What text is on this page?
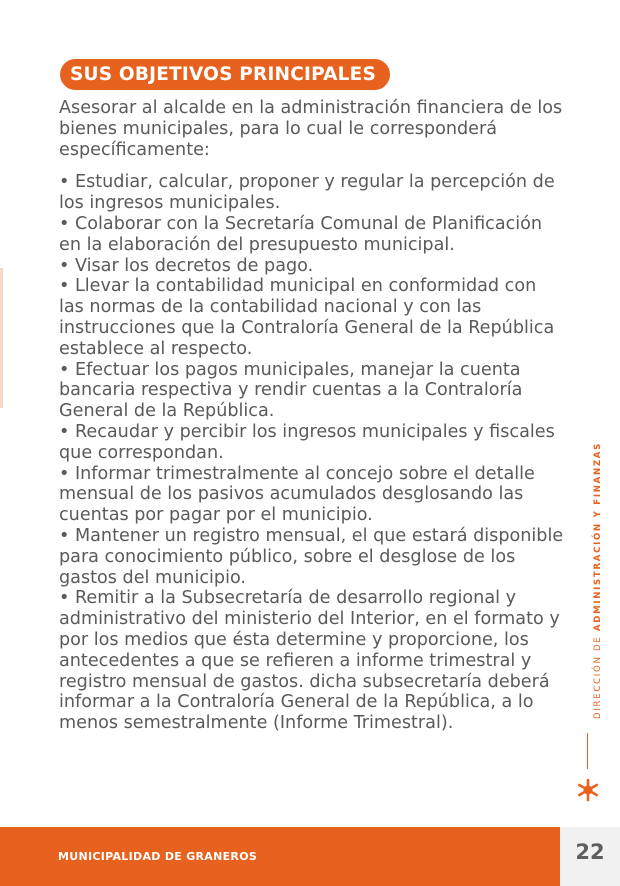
SUS OBJETIVOS PRINCIPALES

Asesorar al alcalde en la administración financiera de los bienes municipales, para lo cual le corresponderá específicamente:

• Estudiar, calcular, proponer y regular la percepción de los ingresos municipales.
• Colaborar con la Secretaría Comunal de Planificación en la elaboración del presupuesto municipal.
• Visar los decretos de pago.
• Llevar la contabilidad municipal en conformidad con las normas de la contabilidad nacional y con las instrucciones que la Contraloría General de la República establece al respecto.
• Efectuar los pagos municipales, manejar la cuenta bancaria respectiva y rendir cuentas a la Contraloría General de la República.
• Recaudar y percibir los ingresos municipales y fiscales que correspondan.
• Informar trimestralmente al concejo sobre el detalle mensual de los pasivos acumulados desglosando las cuentas por pagar por el municipio.
• Mantener un registro mensual, el que estará disponible para conocimiento público, sobre el desglose de los gastos del municipio.
• Remitir a la Subsecretaría de desarrollo regional y administrativo del ministerio del Interior, en el formato y por los medios que ésta determine y proporcione, los antecedentes a que se refieren a informe trimestral y registro mensual de gastos. dicha subsecretaría deberá informar a la Contraloría General de la República, a lo menos semestralmente (Informe Trimestral).
DIRECCIÓN DE ADMINISTRACIÓN Y FINANZAS
MUNICIPALIDAD DE GRANEROS	22
